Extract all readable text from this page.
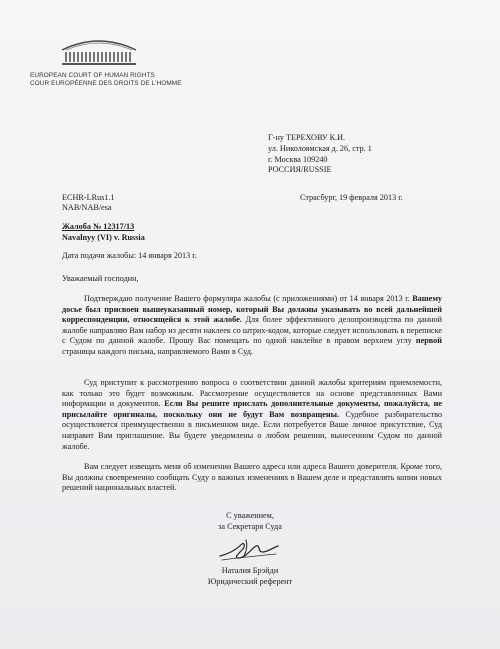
EUROPEAN COURT OF HUMAN RIGHTS
COUR EUROPÉENNE DES DROITS DE L'HOMME
Г-ну ТЕРЕХОВУ К.И.
ул. Николоямская д. 26, стр. 1
г. Москва 109240
РОССИЯ/RUSSIE
ECHR-LRus1.1
NAB/NAB/esa
Страсбург, 19 февраля 2013 г.
Жалоба № 12317/13
Navalnyy (VI) v. Russia
Дата подачи жалобы: 14 января 2013 г.
Уважаемый господин,

Подтверждаю получение Вашего формуляра жалобы (с приложениями) от 14 января 2013 г. Вашему досье был присвоен вышеуказанный номер, который Вы должны указывать во всей дальнейшей корреспонденции, относящейся к этой жалобе. Для более эффективного делопроизводства по данной жалобе направляю Вам набор из десяти наклеек со штрих-кодом, которые следует использовать в переписке с Судом по данной жалобе. Прошу Вас помещать по одной наклейке в правом верхнем углу первой страницы каждого письма, направляемого Вами в Суд.

Суд приступит к рассмотрению вопроса о соответствии данной жалобы критериям приемлемости, как только это будет возможным. Рассмотрение осуществляется на основе представленных Вами информации и документов. Если Вы решите прислать дополнительные документы, пожалуйста, не присылайте оригиналы, поскольку они не будут Вам возвращены. Судебное разбирательство осуществляется преимущественно в письменном виде. Если потребуется Ваше личное присутствие, Суд направит Вам приглашение. Вы будете уведомлены о любом решении, вынесенном Судом по данной жалобе.

Вам следует извещать меня об изменении Вашего адреса или адреса Вашего доверителя. Кроме того, Вы должны своевременно сообщать Суду о важных изменениях в Вашем деле и представлять копии новых решений национальных властей.

С уважением,
за Секретаря Суда
Наталия Брэйди
Юридический референт
